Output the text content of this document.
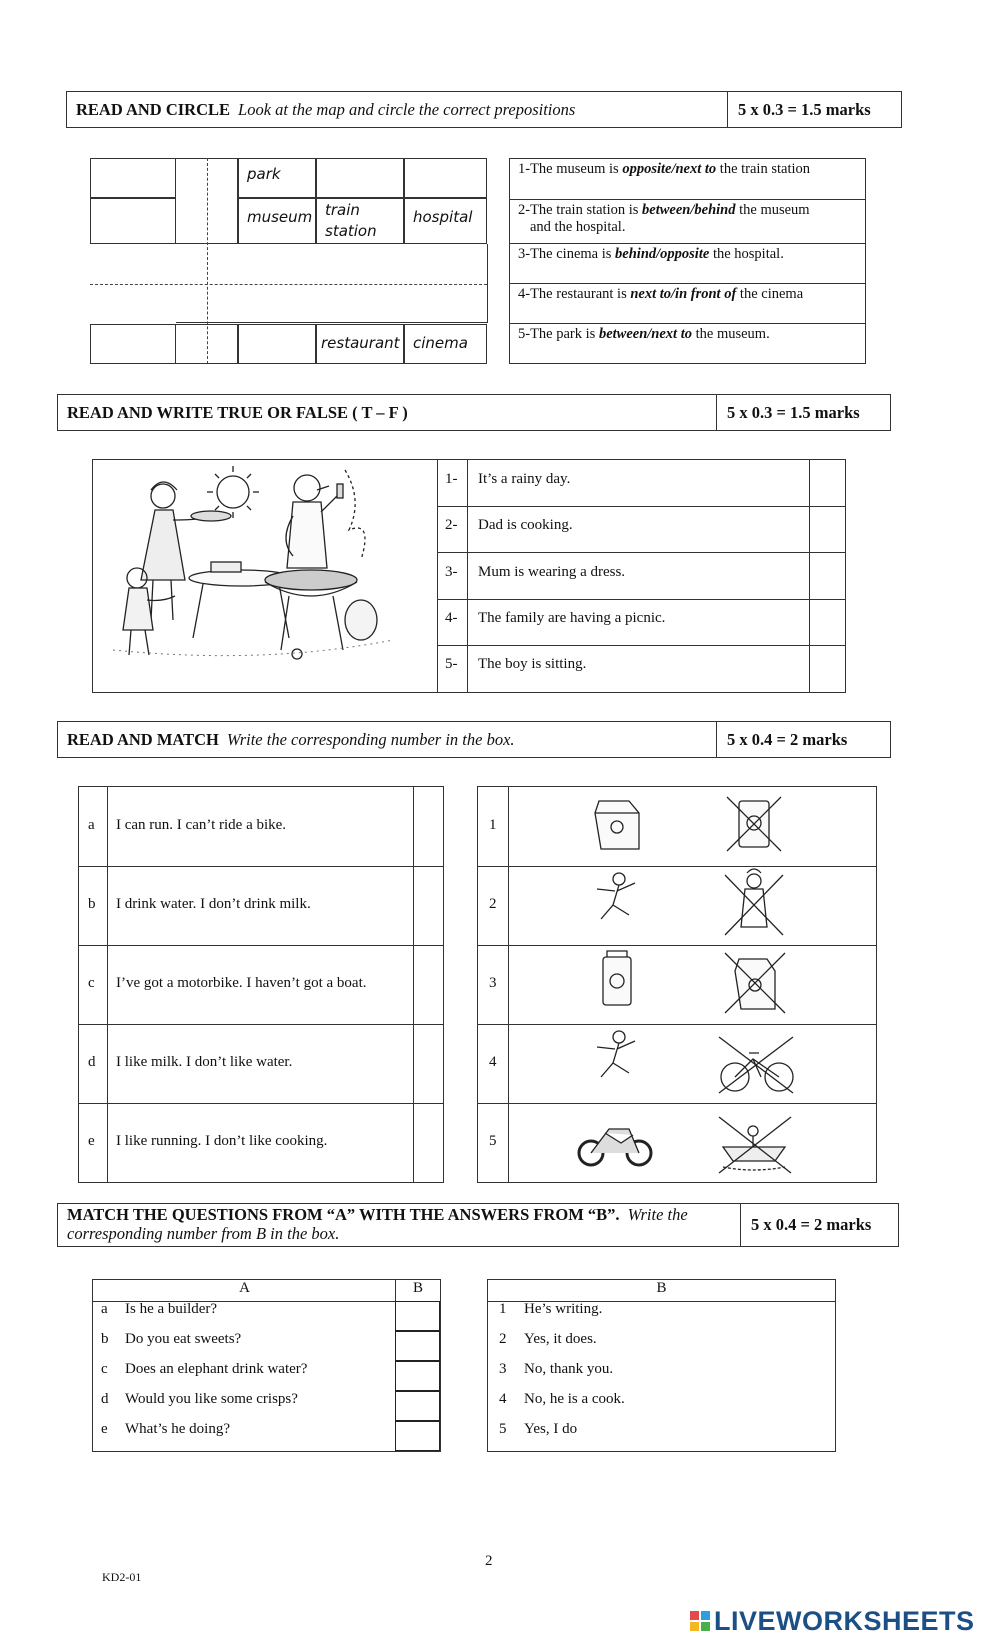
READ AND CIRCLE Look at the map and circle the correct prepositions	5 x 0.3 = 1.5 marks
park
museum train
station
hospital
restaurant cinema
1-The museum is opposite/next to the train station
2-The train station is between/behind the museum
and the hospital.
3-The cinema is behind/opposite the hospital.
4-The restaurant is next to/in front of the cinema
5-The park is between/next to the museum.
READ AND WRITE TRUE OR FALSE ( T – F )	5 x 0.3 = 1.5 marks
1- It’s a rainy day.
2- Dad is cooking.
3- Mum is wearing a dress.
4- The family are having a picnic.
5- The boy is sitting.
READ AND MATCH Write the corresponding number in the box.	5 x 0.4 = 2 marks
a I can run. I can’t ride a bike.
b I drink water. I don’t drink milk.
c I’ve got a motorbike. I haven’t got a boat.
d I like milk. I don’t like water.
e I like running. I don’t like cooking.
1
2
3
4
5
MATCH THE QUESTIONS FROM “A” WITH THE ANSWERS FROM “B”. Write the
corresponding number from B in the box.	5 x 0.4 = 2 marks
A	B
a Is he a builder?
b Do you eat sweets?
c Does an elephant drink water?
d Would you like some crisps?
e What’s he doing?
B
1 He’s writing.
2 Yes, it does.
3 No, thank you.
4 No, he is a cook.
5 Yes, I do
2
KD2-01
LIVEWORKSHEETS
